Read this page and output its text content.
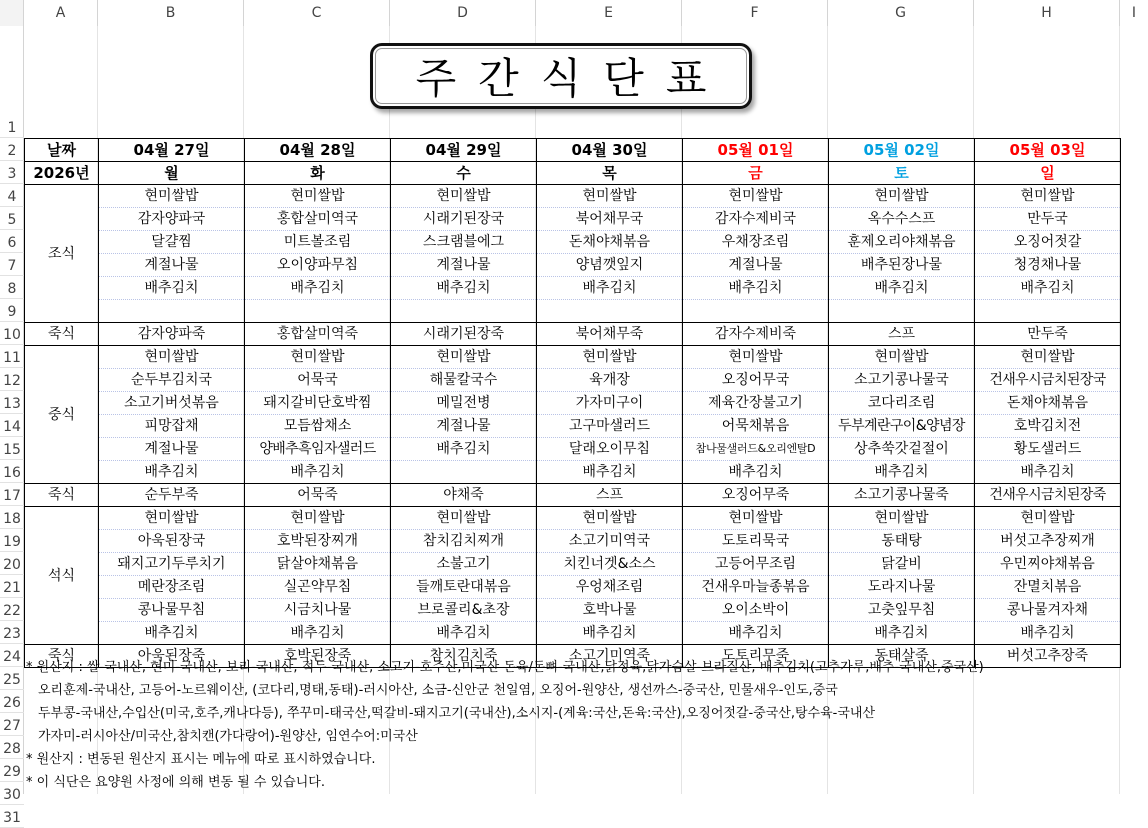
A	B	C	D	E	F	G	H	I
1
2
3
4
5
6
7
8
9
10
11
12
13
14
15
16
17
18
19
20
21
22
23
24
25
26
27
28
29
30
31
주간식단표
날짜	04월 27일	04월 28일	04월 29일	04월 30일	05월 01일	05월 02일	05월 03일
2026년	월	화	수	목	금	토	일
조식	현미쌀밥	현미쌀밥	현미쌀밥	현미쌀밥	현미쌀밥	현미쌀밥	현미쌀밥
	감자양파국	홍합살미역국	시래기된장국	북어채무국	감자수제비국	옥수수스프	만두국
	달걀찜	미트볼조림	스크램블에그	돈채야채볶음	우채장조림	훈제오리야채볶음	오징어젓갈
	계절나물	오이양파무침	계절나물	양념깻잎지	계절나물	배추된장나물	청경채나물
	배추김치	배추김치	배추김치	배추김치	배추김치	배추김치	배추김치

죽식	감자양파죽	홍합살미역죽	시래기된장죽	북어채무죽	감자수제비죽	스프	만두죽
중식	현미쌀밥	현미쌀밥	현미쌀밥	현미쌀밥	현미쌀밥	현미쌀밥	현미쌀밥
	순두부김치국	어묵국	해물칼국수	육개장	오징어무국	소고기콩나물국	건새우시금치된장국
	소고기버섯볶음	돼지갈비단호박찜	메밀전병	가자미구이	제육간장불고기	코다리조림	돈채야채볶음
	피망잡채	모듬쌈채소	계절나물	고구마샐러드	어묵채볶음	두부계란구이&양념장	호박김치전
	계절나물	양배추흑임자샐러드	배추김치	달래오이무침	참나물샐러드&오리엔탈D	상추쑥갓겉절이	황도샐러드
	배추김치	배추김치		배추김치	배추김치	배추김치	배추김치
죽식	순두부죽	어묵죽	야채죽	스프	오징어무죽	소고기콩나물죽	건새우시금치된장죽
석식	현미쌀밥	현미쌀밥	현미쌀밥	현미쌀밥	현미쌀밥	현미쌀밥	현미쌀밥
	아욱된장국	호박된장찌개	참치김치찌개	소고기미역국	도토리묵국	동태탕	버섯고추장찌개
	돼지고기두루치기	닭살야채볶음	소불고기	치킨너겟&소스	고등어무조림	닭갈비	우민찌야채볶음
	메란장조림	실곤약무침	들깨토란대볶음	우엉채조림	건새우마늘종볶음	도라지나물	잔멸치볶음
	콩나물무침	시금치나물	브로콜리&초장	호박나물	오이소박이	고춧잎무침	콩나물겨자채
	배추김치	배추김치	배추김치	배추김치	배추김치	배추김치	배추김치
죽식	아욱된장죽	호박된장죽	참치김치죽	소고기미역죽	도토리무죽	동태살죽	버섯고추장죽
* 원산지 : 쌀-국내산, 현미-국내산, 보리-국내산, 적두-국내산, 소고기-호주산,미국산 돈육/돈뼈-국내산,닭정육,닭가슴살-브라질산, 배추김치(고추가루,배추-국내산,중국산)
오리훈제-국내산, 고등어-노르웨이산, (코다리,명태,동태)-러시아산, 소금-신안군 천일염, 오징어-원양산, 생선까스-중국산, 민물새우-인도,중국
두부콩-국내산,수입산(미국,호주,캐나다등), 쭈꾸미-태국산,떡갈비-돼지고기(국내산),소시지-(계육:국산,돈육:국산),오징어젓갈-중국산,탕수육-국내산
가자미-러시아산/미국산,참치캔(가다랑어)-원양산, 임연수어:미국산
* 원산지 : 변동된 원산지 표시는 메뉴에 따로 표시하였습니다.
* 이 식단은 요양원 사정에 의해 변동 될 수 있습니다.
